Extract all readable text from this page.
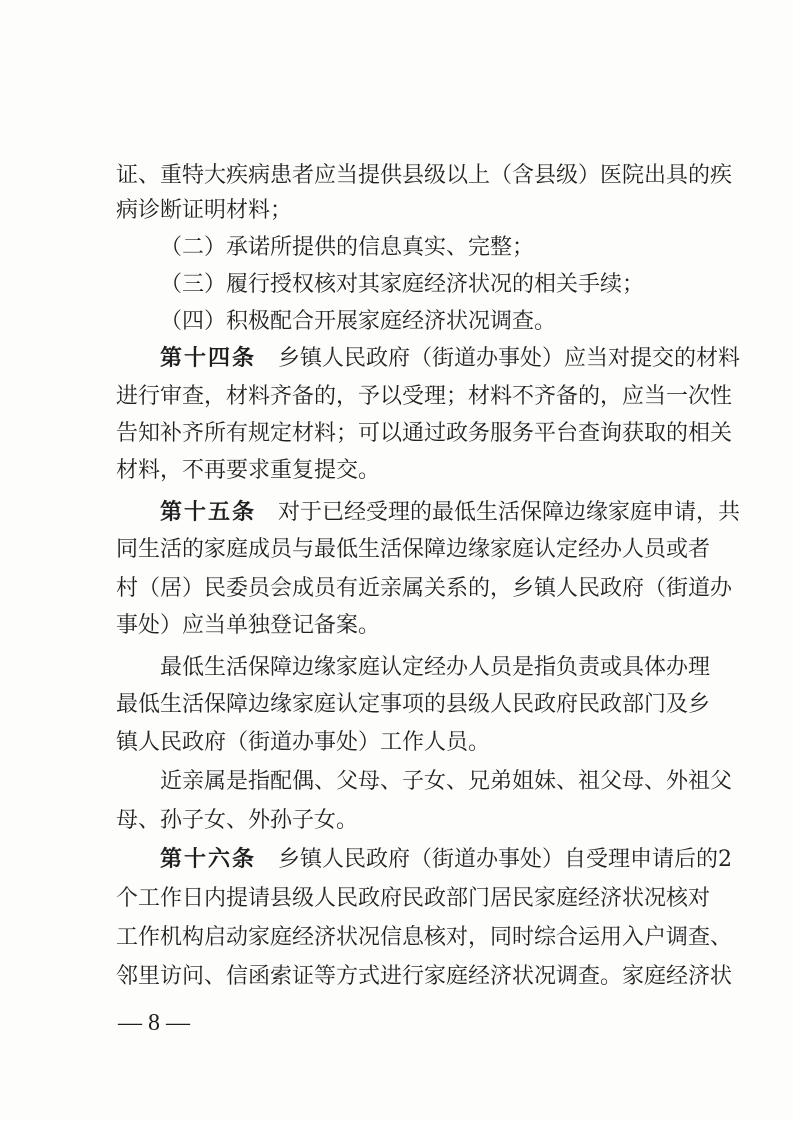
证、重特大疾病患者应当提供县级以上（含县级）医院出具的疾
病诊断证明材料；
（二）承诺所提供的信息真实、完整；
（三）履行授权核对其家庭经济状况的相关手续；
（四）积极配合开展家庭经济状况调查。
第十四条 乡镇人民政府（街道办事处）应当对提交的材料
进行审查，材料齐备的，予以受理；材料不齐备的，应当一次性
告知补齐所有规定材料；可以通过政务服务平台查询获取的相关
材料，不再要求重复提交。
第十五条 对于已经受理的最低生活保障边缘家庭申请，共
同生活的家庭成员与最低生活保障边缘家庭认定经办人员或者
村（居）民委员会成员有近亲属关系的，乡镇人民政府（街道办
事处）应当单独登记备案。
最低生活保障边缘家庭认定经办人员是指负责或具体办理
最低生活保障边缘家庭认定事项的县级人民政府民政部门及乡
镇人民政府（街道办事处）工作人员。
近亲属是指配偶、父母、子女、兄弟姐妹、祖父母、外祖父
母、孙子女、外孙子女。
第十六条 乡镇人民政府（街道办事处）自受理申请后的2
个工作日内提请县级人民政府民政部门居民家庭经济状况核对
工作机构启动家庭经济状况信息核对，同时综合运用入户调查、
邻里访问、信函索证等方式进行家庭经济状况调查。家庭经济状
— 8 —
